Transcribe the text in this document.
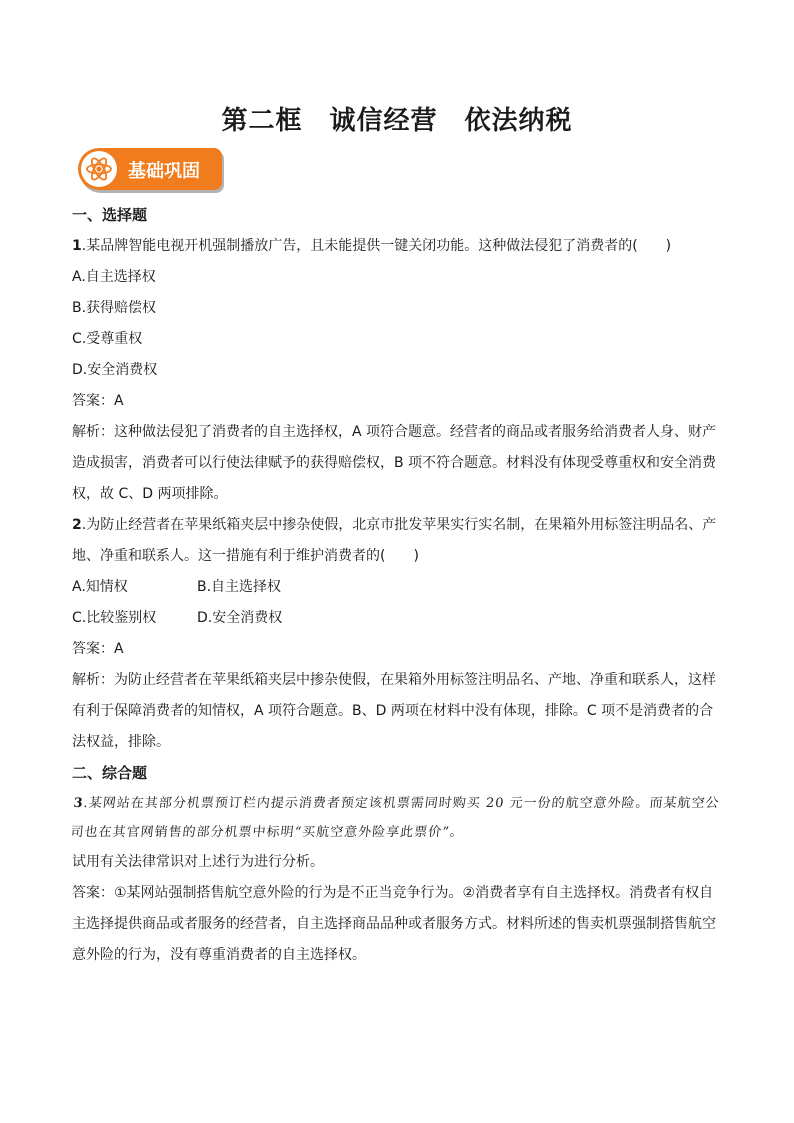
第二框　诚信经营　依法纳税
基础巩固
一、选择题
1.某品牌智能电视开机强制播放广告，且未能提供一键关闭功能。这种做法侵犯了消费者的(　　)
A.自主选择权
B.获得赔偿权
C.受尊重权
D.安全消费权
答案：A
解析：这种做法侵犯了消费者的自主选择权，A 项符合题意。经营者的商品或者服务给消费者人身、财产造成损害，消费者可以行使法律赋予的获得赔偿权，B 项不符合题意。材料没有体现受尊重权和安全消费权，故 C、D 两项排除。
2.为防止经营者在苹果纸箱夹层中掺杂使假，北京市批发苹果实行实名制，在果箱外用标签注明品名、产地、净重和联系人。这一措施有利于维护消费者的(　　)
A.知情权	B.自主选择权
C.比较鉴别权	D.安全消费权
答案：A
解析：为防止经营者在苹果纸箱夹层中掺杂使假，在果箱外用标签注明品名、产地、净重和联系人，这样有利于保障消费者的知情权，A 项符合题意。B、D 两项在材料中没有体现，排除。C 项不是消费者的合法权益，排除。
二、综合题
3.某网站在其部分机票预订栏内提示消费者预定该机票需同时购买 20 元一份的航空意外险。而某航空公司也在其官网销售的部分机票中标明“买航空意外险享此票价”。
试用有关法律常识对上述行为进行分析。
答案：①某网站强制搭售航空意外险的行为是不正当竞争行为。②消费者享有自主选择权。消费者有权自主选择提供商品或者服务的经营者，自主选择商品品种或者服务方式。材料所述的售卖机票强制搭售航空意外险的行为，没有尊重消费者的自主选择权。
